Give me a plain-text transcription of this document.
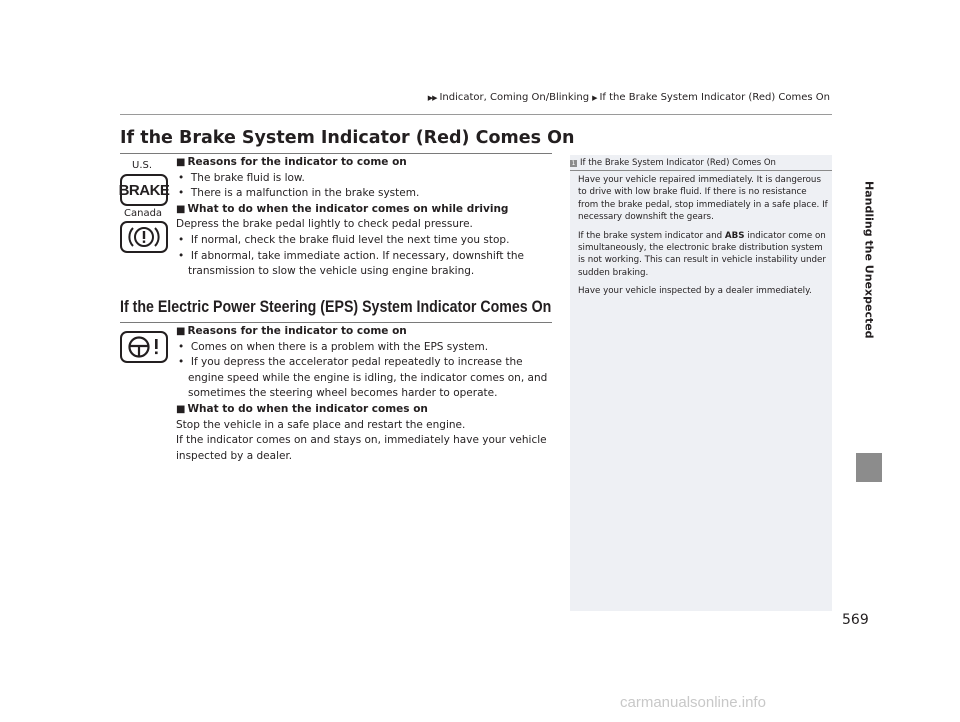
▶▶ Indicator, Coming On/Blinking ▶ If the Brake System Indicator (Red) Comes On
Handling the Unexpected
If the Brake System Indicator (Red) Comes On
U.S.
BRAKE
Canada

■ Reasons for the indicator to come on

•  The brake fluid is low.

•  There is a malfunction in the brake system.

■ What to do when the indicator comes on while driving

Depress the brake pedal lightly to check pedal pressure.

•  If normal, check the brake fluid level the next time you stop.

•  If abnormal, take immediate action. If necessary, downshift the transmission to slow the vehicle using engine braking.

If the Electric Power Steering (EPS) System Indicator Comes On

■ Reasons for the indicator to come on

•  Comes on when there is a problem with the EPS system.

•  If you depress the accelerator pedal repeatedly to increase the engine speed while the engine is idling, the indicator comes on, and sometimes the steering wheel becomes harder to operate.

■ What to do when the indicator comes on

Stop the vehicle in a safe place and restart the engine.

If the indicator comes on and stays on, immediately have your vehicle inspected by a dealer.

1 If the Brake System Indicator (Red) Comes On

Have your vehicle repaired immediately. It is dangerous to drive with low brake fluid. If there is no resistance from the brake pedal, stop immediately in a safe place. If necessary downshift the gears.

If the brake system indicator and ABS indicator come on simultaneously, the electronic brake distribution system is not working. This can result in vehicle instability under sudden braking.

Have your vehicle inspected by a dealer immediately.

569
carmanualsonline.info
